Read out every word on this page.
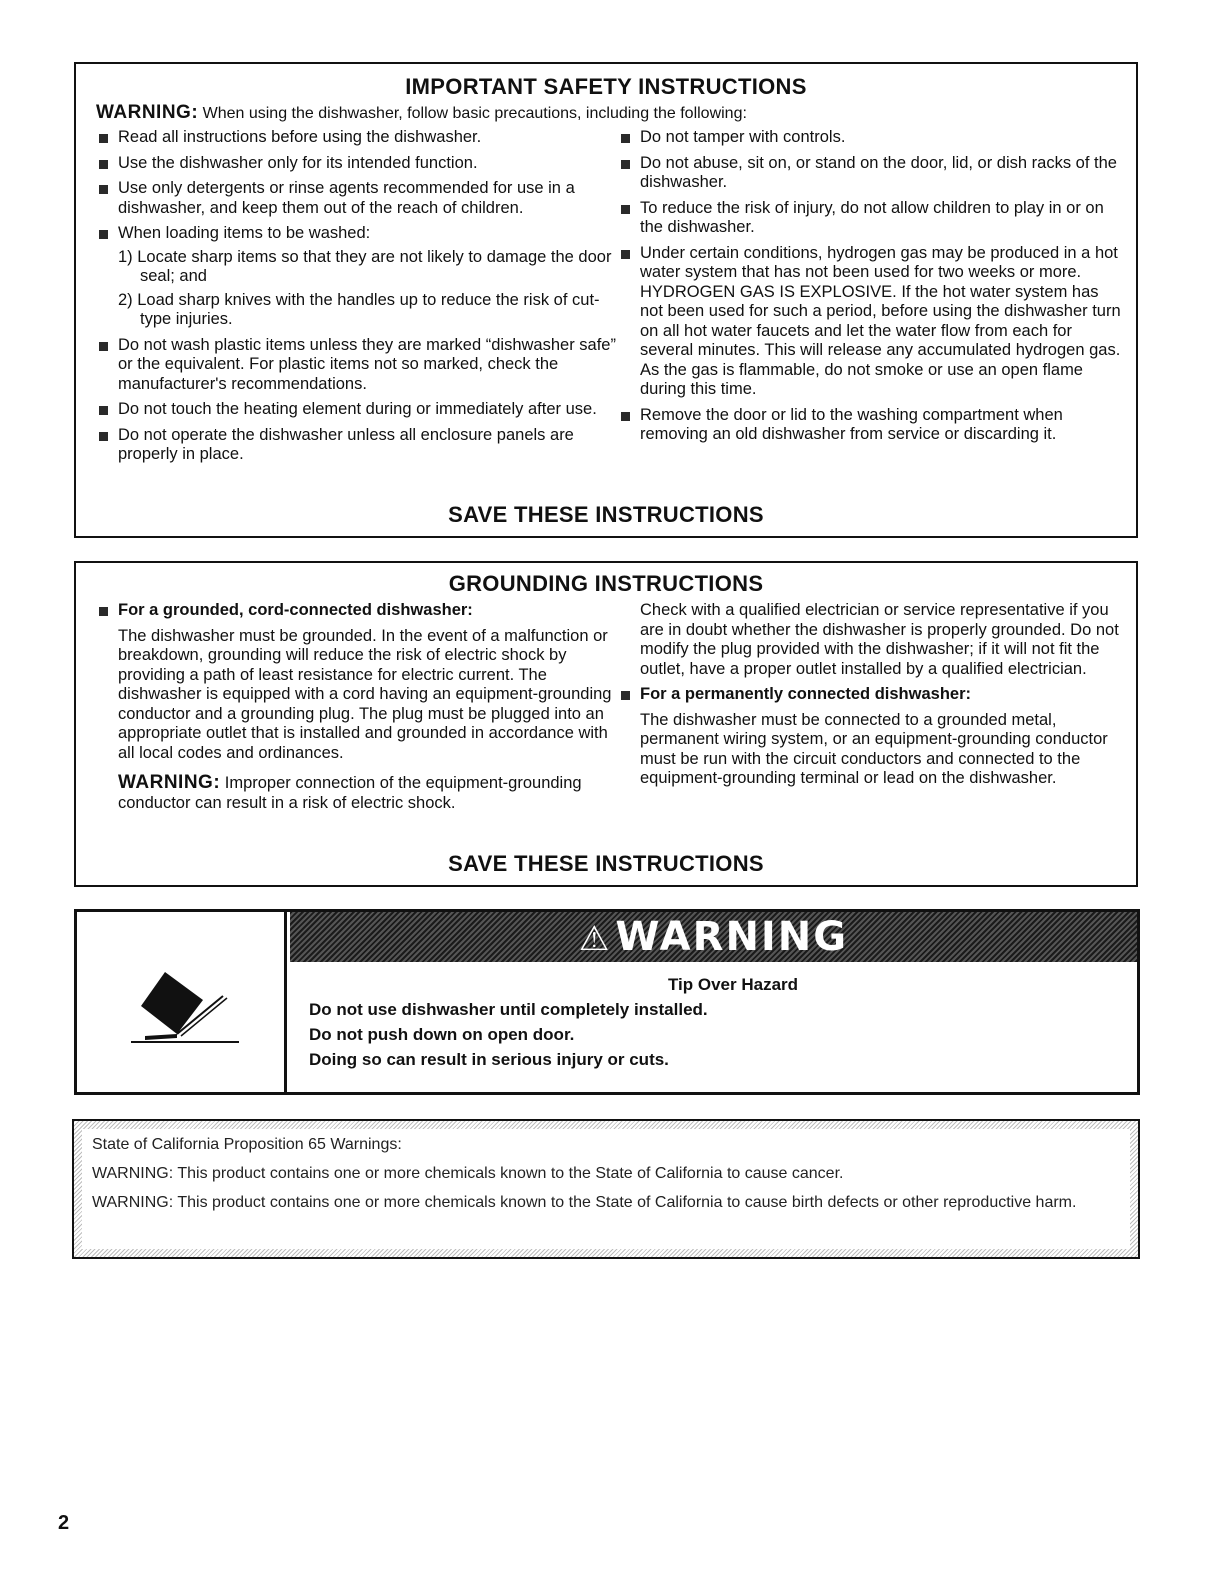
IMPORTANT SAFETY INSTRUCTIONS
WARNING: When using the dishwasher, follow basic precautions, including the following:
Read all instructions before using the dishwasher.
Use the dishwasher only for its intended function.
Use only detergents or rinse agents recommended for use in a dishwasher, and keep them out of the reach of children.
When loading items to be washed:
1) Locate sharp items so that they are not likely to damage the door seal; and
2) Load sharp knives with the handles up to reduce the risk of cut-type injuries.
Do not wash plastic items unless they are marked “dishwasher safe” or the equivalent. For plastic items not so marked, check the manufacturer's recommendations.
Do not touch the heating element during or immediately after use.
Do not operate the dishwasher unless all enclosure panels are properly in place.
Do not tamper with controls.
Do not abuse, sit on, or stand on the door, lid, or dish racks of the dishwasher.
To reduce the risk of injury, do not allow children to play in or on the dishwasher.
Under certain conditions, hydrogen gas may be produced in a hot water system that has not been used for two weeks or more. HYDROGEN GAS IS EXPLOSIVE. If the hot water system has not been used for such a period, before using the dishwasher turn on all hot water faucets and let the water flow from each for several minutes. This will release any accumulated hydrogen gas. As the gas is flammable, do not smoke or use an open flame during this time.
Remove the door or lid to the washing compartment when removing an old dishwasher from service or discarding it.
SAVE THESE INSTRUCTIONS
GROUNDING INSTRUCTIONS
For a grounded, cord-connected dishwasher:

The dishwasher must be grounded. In the event of a malfunction or breakdown, grounding will reduce the risk of electric shock by providing a path of least resistance for electric current. The dishwasher is equipped with a cord having an equipment-grounding conductor and a grounding plug. The plug must be plugged into an appropriate outlet that is installed and grounded in accordance with all local codes and ordinances.

WARNING: Improper connection of the equipment-grounding conductor can result in a risk of electric shock.

Check with a qualified electrician or service representative if you are in doubt whether the dishwasher is properly grounded. Do not modify the plug provided with the dishwasher; if it will not fit the outlet, have a proper outlet installed by a qualified electrician.

For a permanently connected dishwasher:

The dishwasher must be connected to a grounded metal, permanent wiring system, or an equipment-grounding conductor must be run with the circuit conductors and connected to the equipment-grounding terminal or lead on the dishwasher.

SAVE THESE INSTRUCTIONS
⚠ WARNING
Tip Over Hazard
Do not use dishwasher until completely installed.
Do not push down on open door.
Doing so can result in serious injury or cuts.

State of California Proposition 65 Warnings:

WARNING: This product contains one or more chemicals known to the State of California to cause cancer.

WARNING: This product contains one or more chemicals known to the State of California to cause birth defects or other reproductive harm.

2
